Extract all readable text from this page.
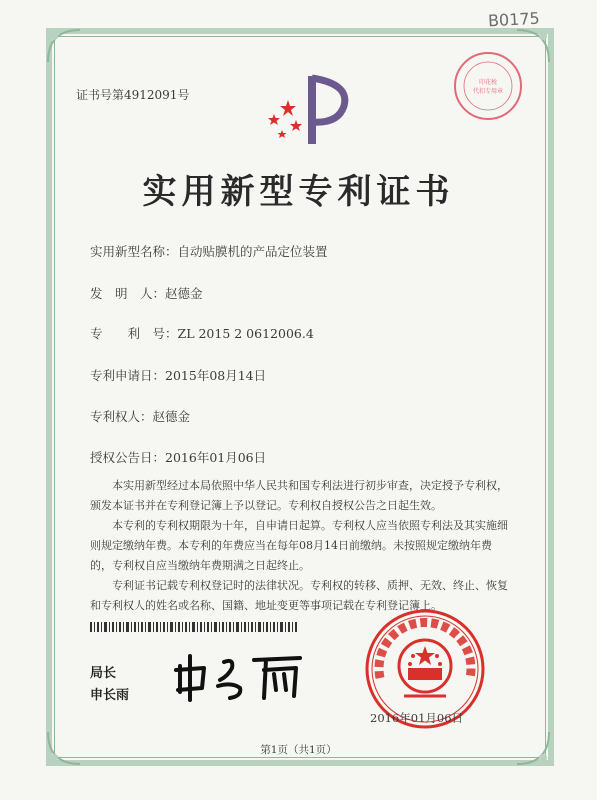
B0175
证书号第4912091号
印花税
代扣专用章
实用新型专利证书
实用新型名称：自动贴膜机的产品定位装置
发　明　人：赵德金
专　　利　号：ZL 2015 2 0612006.4
专利申请日：2015年08月14日
专利权人：赵德金
授权公告日：2016年01月06日

本实用新型经过本局依照中华人民共和国专利法进行初步审查，决定授予专利权，颁发本证书并在专利登记簿上予以登记。专利权自授权公告之日起生效。

本专利的专利权期限为十年，自申请日起算。专利权人应当依照专利法及其实施细则规定缴纳年费。本专利的年费应当在每年08月14日前缴纳。未按照规定缴纳年费的，专利权自应当缴纳年费期满之日起终止。

专利证书记载专利权登记时的法律状况。专利权的转移、质押、无效、终止、恢复和专利权人的姓名或名称、国籍、地址变更等事项记载在专利登记簿上。

局长
申长雨
2016年01月06日
第1页（共1页）
